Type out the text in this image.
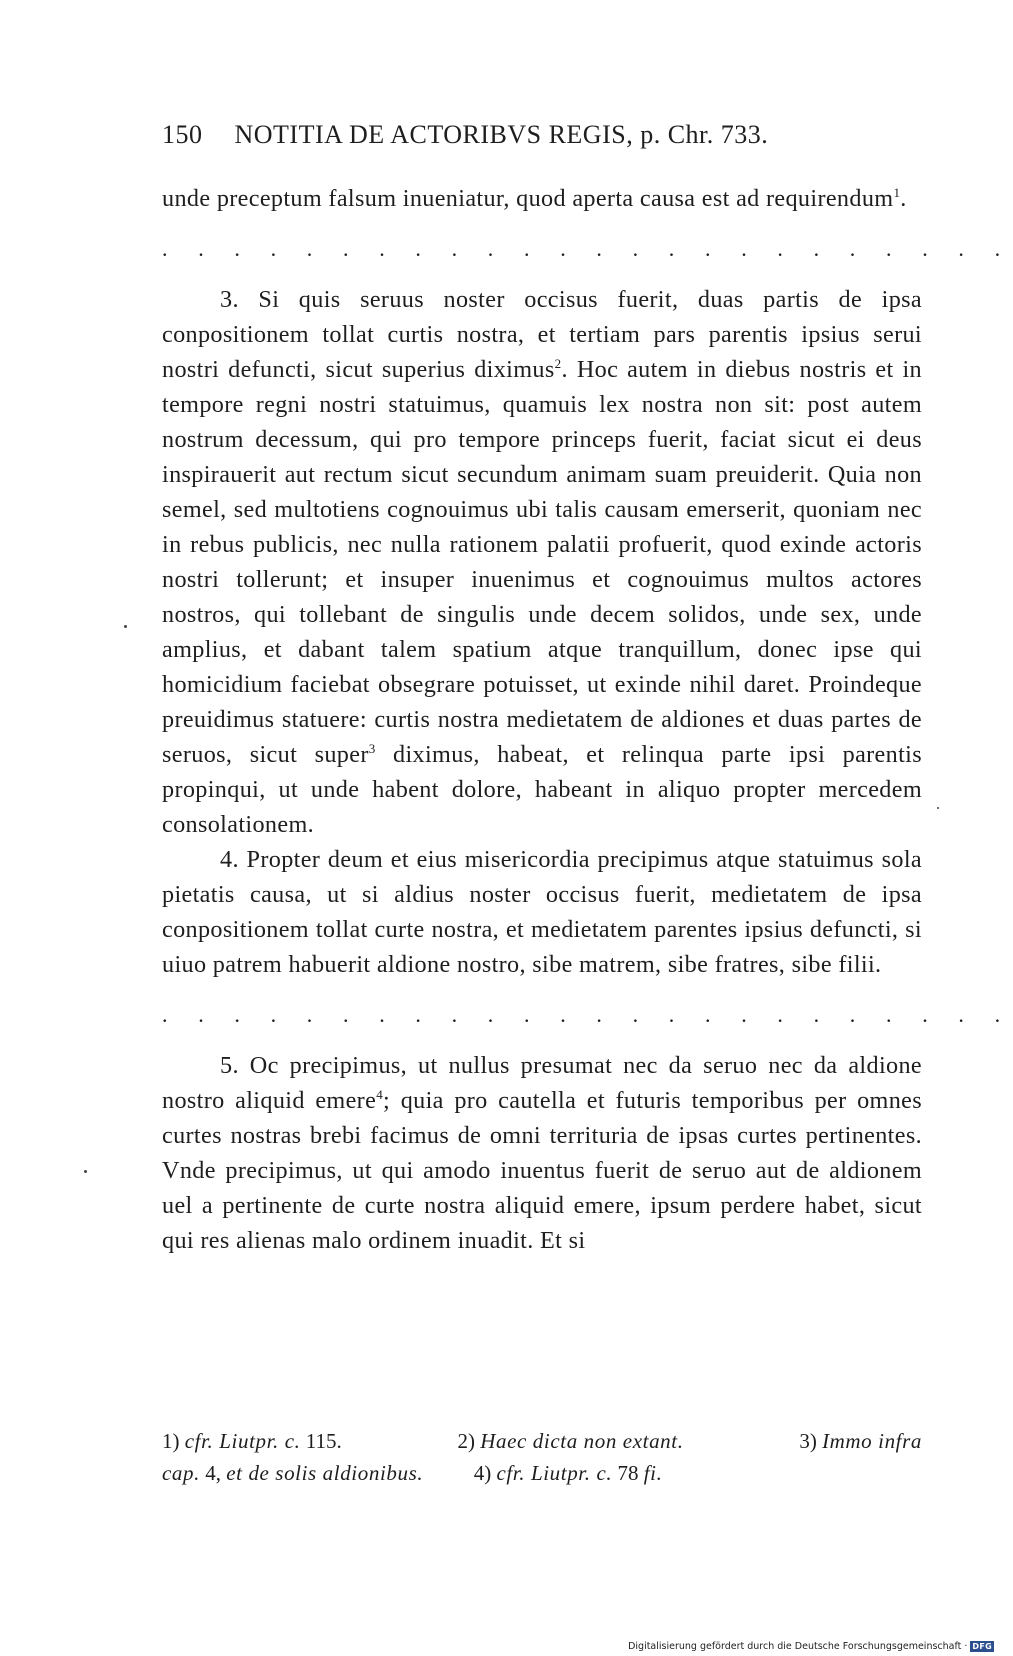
150 NOTITIA DE ACTORIBVS REGIS, p. Chr. 733.

unde preceptum falsum inueniatur, quod aperta causa est ad requirendum$^1$.

. . . . . . . . . . . . . . . . . . . . . . . .

3. Si quis seruus noster occisus fuerit, duas partis de ipsa conpositionem tollat curtis nostra, et tertiam pars parentis ipsius serui nostri defuncti, sicut superius diximus$^2$. Hoc autem in diebus nostris et in tempore regni nostri statuimus, quamuis lex nostra non sit: post autem nostrum decessum, qui pro tempore princeps fuerit, faciat sicut ei deus inspirauerit aut rectum sicut secundum animam suam preuiderit. Quia non semel, sed multotiens cognouimus ubi talis causam emerserit, quoniam nec in rebus publicis, nec nulla rationem palatii profuerit, quod exinde actoris nostri tollerunt; et insuper inuenimus et cognouimus multos actores nostros, qui tollebant de singulis unde decem solidos, unde sex, unde amplius, et dabant talem spatium atque tranquillum, donec ipse qui homicidium faciebat obsegrare potuisset, ut exinde nihil daret. Proindeque preuidimus statuere: curtis nostra medietatem de aldiones et duas partes de seruos, sicut super$^3$ diximus, habeat, et relinqua parte ipsi parentis propinqui, ut unde habent dolore, habeant in aliquo propter mercedem consolationem.

4. Propter deum et eius misericordia precipimus atque statuimus sola pietatis causa, ut si aldius noster occisus fuerit, medietatem de ipsa conpositionem tollat curte nostra, et medietatem parentes ipsius defuncti, si uiuo patrem habuerit aldione nostro, sibe matrem, sibe fratres, sibe filii.

. . . . . . . . . . . . . . . . . . . . . . . .

5. Oc precipimus, ut nullus presumat nec da seruo nec da aldione nostro aliquid emere$^4$; quia pro cautella et futuris temporibus per omnes curtes nostras brebi facimus de omni territuria de ipsas curtes pertinentes. Vnde precipimus, ut qui amodo inuentus fuerit de seruo aut de aldionem uel a pertinente de curte nostra aliquid emere, ipsum perdere habet, sicut qui res alienas malo ordinem inuadit. Et si

1) cfr. Liutpr. c. 115.	2) Haec dicta non extant.	3) Immo infra
cap. 4, et de solis aldionibus. 4) cfr. Liutpr. c. 78 fi.
Digitalisierung gefördert durch die Deutsche Forschungsgemeinschaft · DFG
